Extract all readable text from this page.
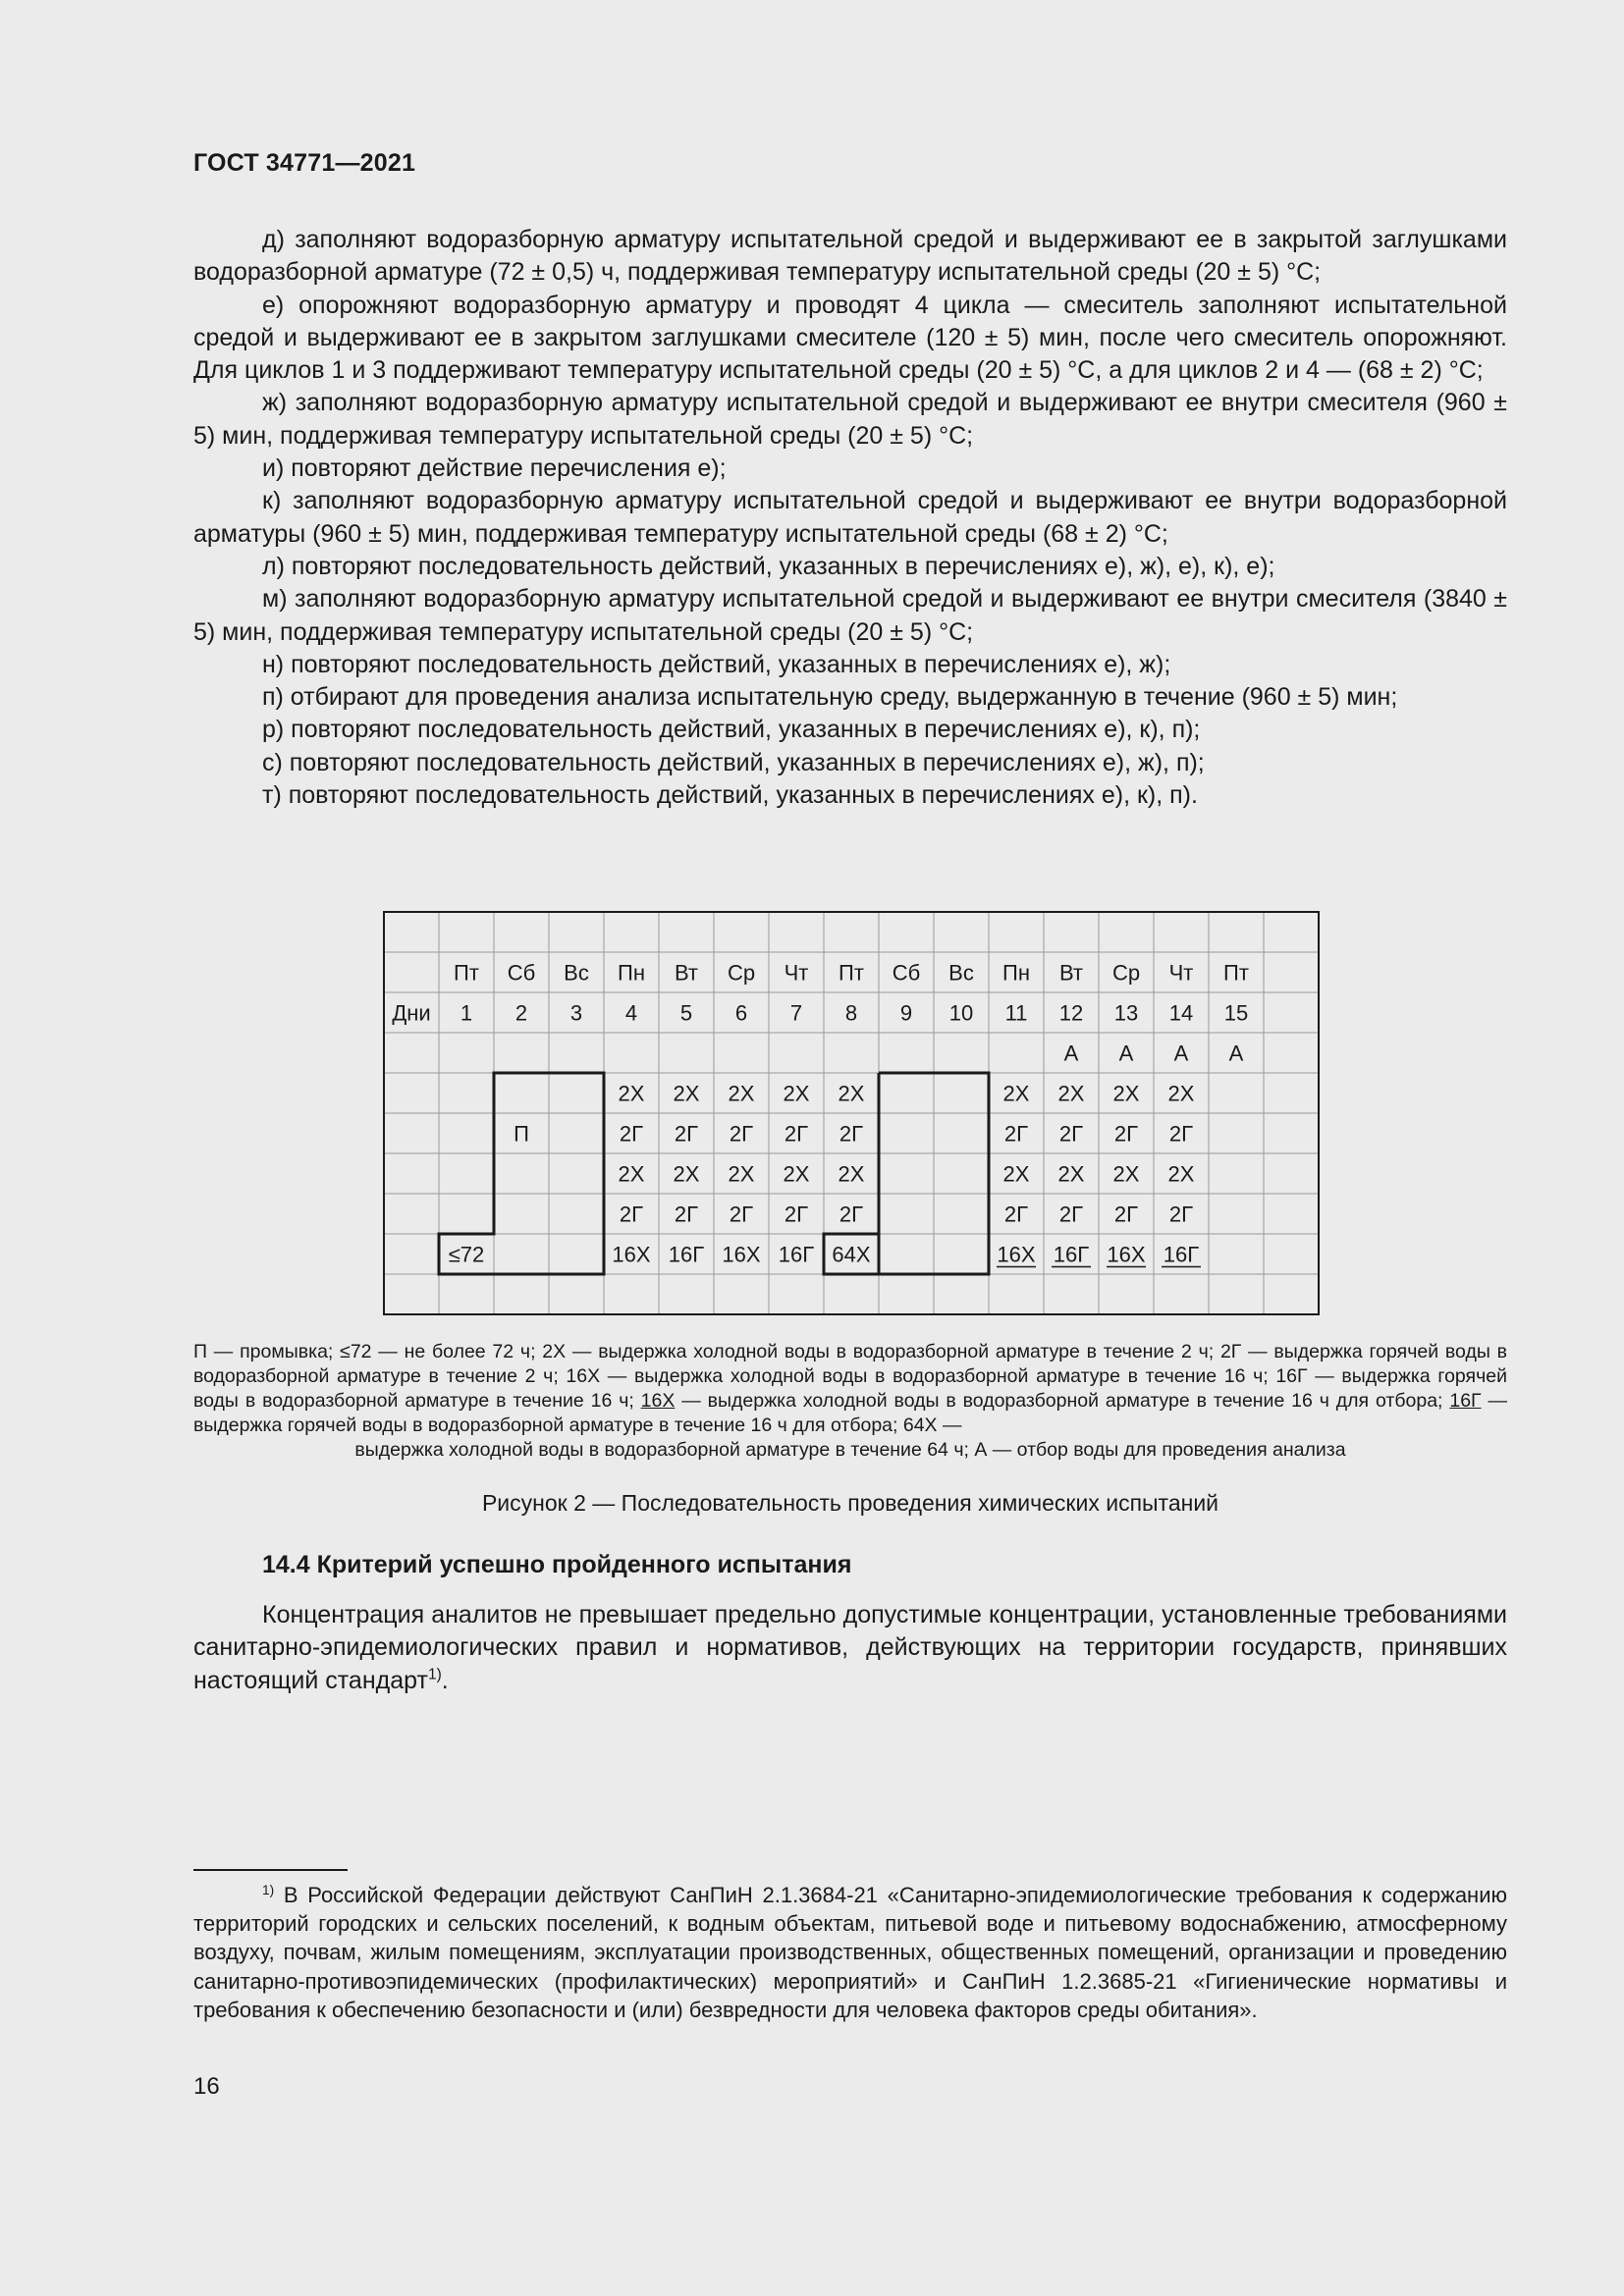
ГОСТ 34771—2021

д) заполняют водоразборную арматуру испытательной средой и выдерживают ее в закрытой заглушками водоразборной арматуре (72 ± 0,5) ч, поддерживая температуру испытательной среды (20 ± 5) °С;

е) опорожняют водоразборную арматуру и проводят 4 цикла — смеситель заполняют испытательной средой и выдерживают ее в закрытом заглушками смесителе (120 ± 5) мин, после чего смеситель опорожняют. Для циклов 1 и 3 поддерживают температуру испытательной среды (20 ± 5) °С, а для циклов 2 и 4 — (68 ± 2) °С;

ж) заполняют водоразборную арматуру испытательной средой и выдерживают ее внутри смесителя (960 ± 5) мин, поддерживая температуру испытательной среды (20 ± 5) °С;

и) повторяют действие перечисления е);

к) заполняют водоразборную арматуру испытательной средой и выдерживают ее внутри водоразборной арматуры (960 ± 5) мин, поддерживая температуру испытательной среды (68 ± 2) °С;

л) повторяют последовательность действий, указанных в перечислениях е), ж), е), к), е);

м) заполняют водоразборную арматуру испытательной средой и выдерживают ее внутри смесителя (3840 ± 5) мин, поддерживая температуру испытательной среды (20 ± 5) °С;

н) повторяют последовательность действий, указанных в перечислениях е), ж);

п) отбирают для проведения анализа испытательную среду, выдержанную в течение (960 ± 5) мин;

р) повторяют последовательность действий, указанных в перечислениях е), к), п);

с) повторяют последовательность действий, указанных в перечислениях е), ж), п);

т) повторяют последовательность действий, указанных в перечислениях е), к), п).

Дни
Пт Сб Вс Пн Вт Ср Чт Пт Сб Вс Пн Вт Ср Чт Пт
1 2 3 4 5 6 7 8 9 10 11 12 13 14 15
А А А А
2Х
2Г
2Х
2Г
2Х
2Г
2Х
2Г
2Х
2Г
2Х
2Г
2Х
2Г
2Х
2Г
2Х
2Г
2Х
2Г
2Х
2Г
2Х
2Г
2Х
2Г
2Х
2Г
2Х
2Г
2Х
2Г
2Х
2Г
2Х
2Г
16Х 16Г 16Х 16Г 64Х	16Х 16Г 16Х 16Г
П
≤72
П — промывка; ≤72 — не более 72 ч; 2Х — выдержка холодной воды в водоразборной арматуре в течение 2 ч; 2Г — выдержка горячей воды в водоразборной арматуре в течение 2 ч; 16Х — выдержка холодной воды в водоразборной арматуре в течение 16 ч; 16Г — выдержка горячей воды в водоразборной арматуре в течение 16 ч; 16Х — выдержка холодной воды в водоразборной арматуре в течение 16 ч для отбора; 16Г — выдержка горячей воды в водоразборной арматуре в течение 16 ч для отбора; 64Х —
выдержка холодной воды в водоразборной арматуре в течение 64 ч; А — отбор воды для проведения анализа
Рисунок 2 — Последовательность проведения химических испытаний
14.4 Критерий успешно пройденного испытания

Концентрация аналитов не превышает предельно допустимые концентрации, установленные требованиями санитарно-эпидемиологических правил и нормативов, действующих на территории государств, принявших настоящий стандарт$^{1)}$.

$^{1)}$ В Российской Федерации действуют СанПиН 2.1.3684-21 «Санитарно-эпидемиологические требования к содержанию территорий городских и сельских поселений, к водным объектам, питьевой воде и питьевому водоснабжению, атмосферному воздуху, почвам, жилым помещениям, эксплуатации производственных, общественных помещений, организации и проведению санитарно-противоэпидемических (профилактических) мероприятий» и СанПиН 1.2.3685-21 «Гигиенические нормативы и требования к обеспечению безопасности и (или) безвредности для человека факторов среды обитания».

16
